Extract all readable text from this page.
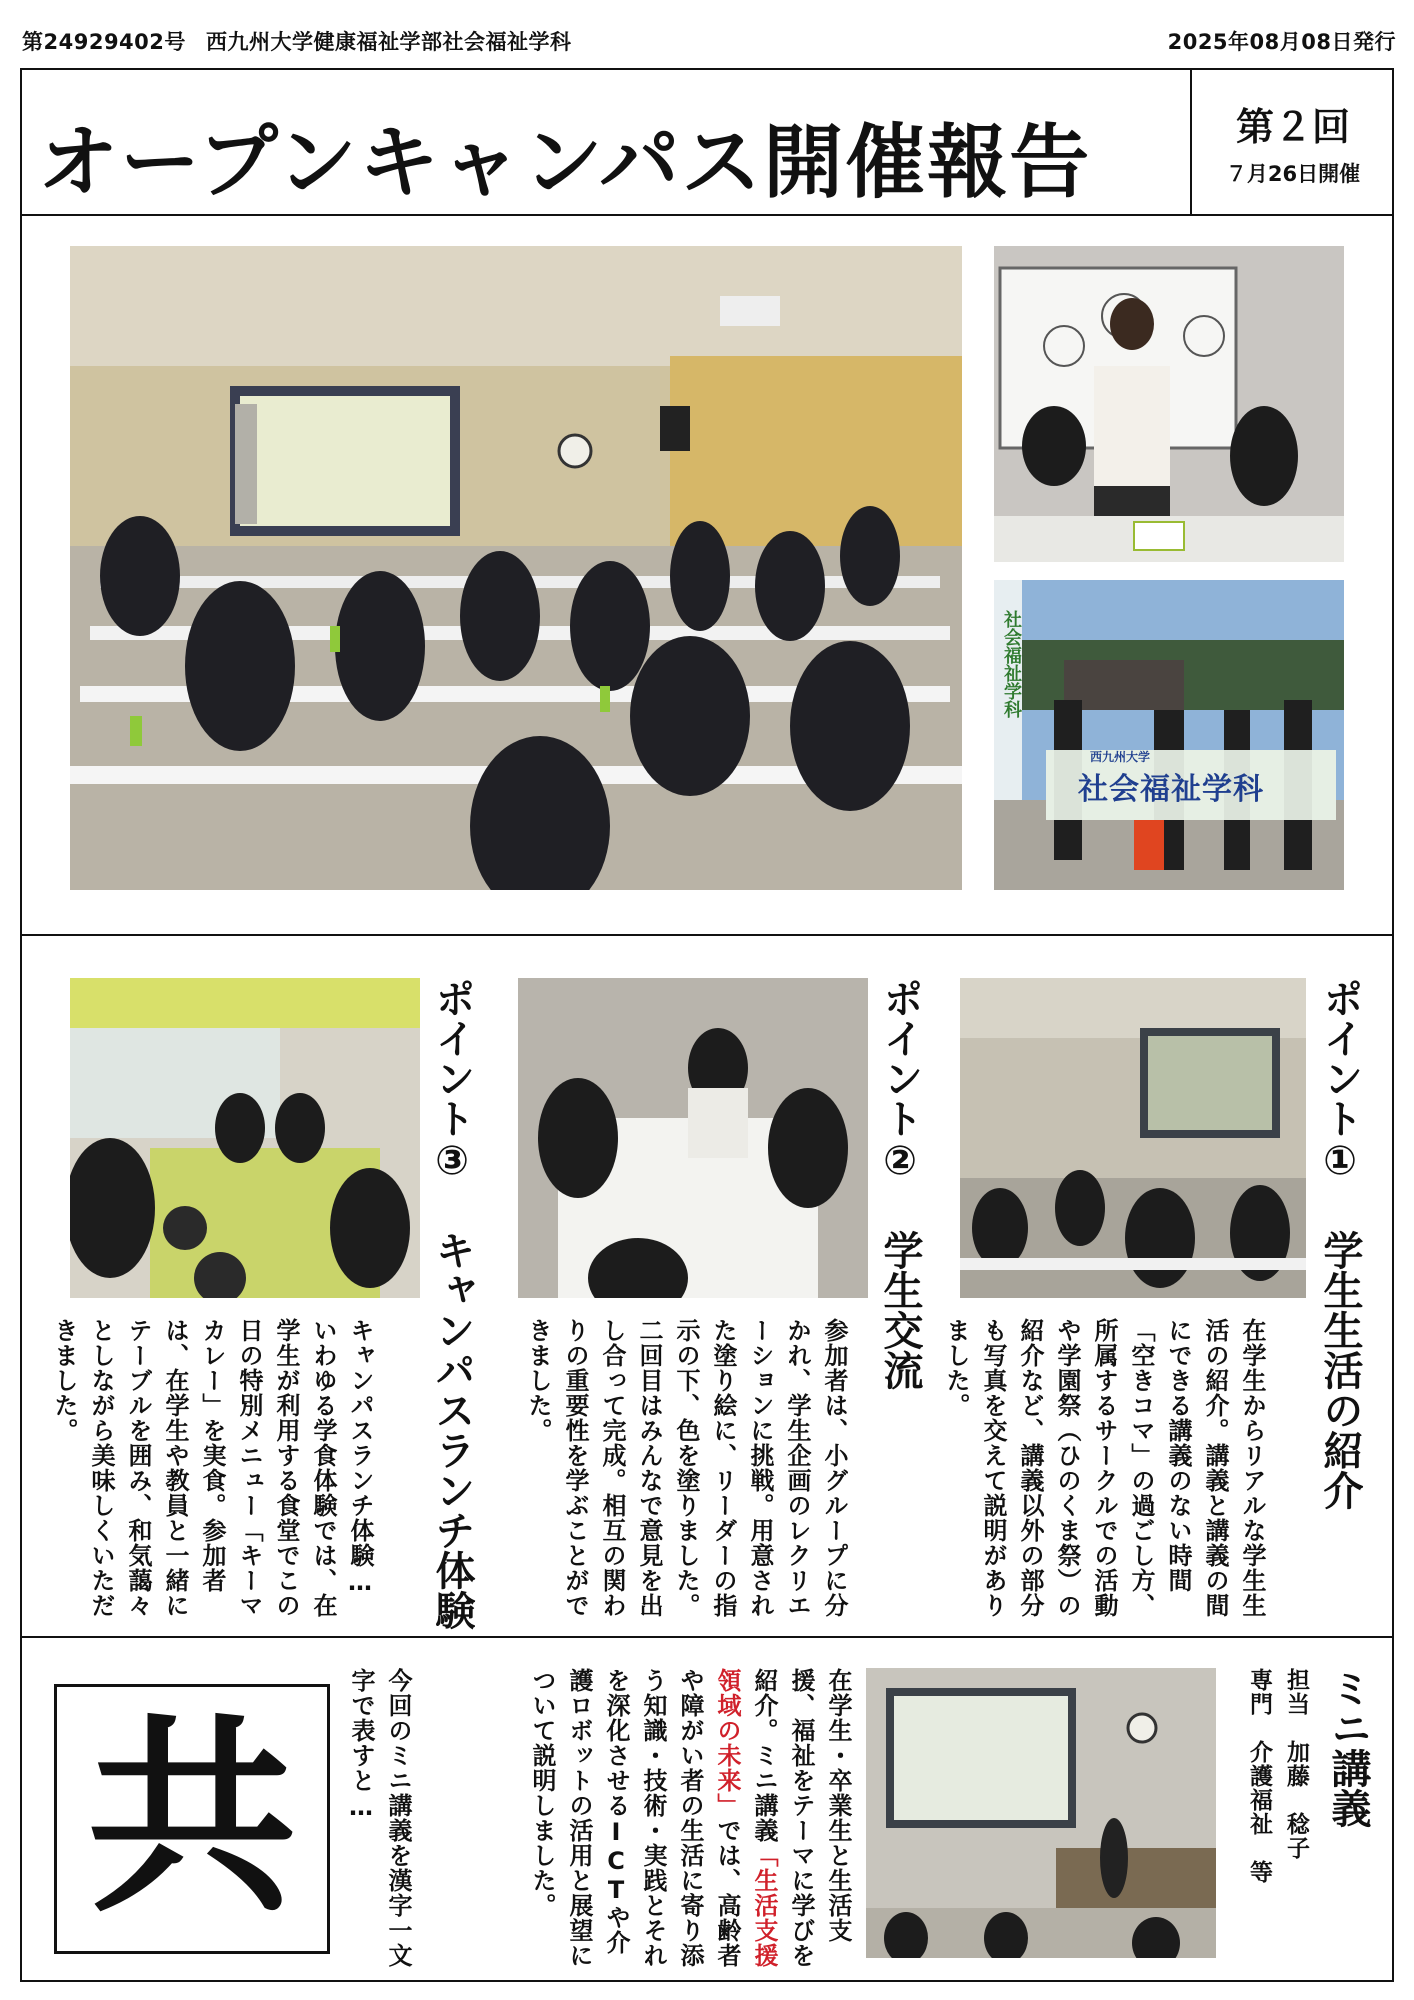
第24929402号 西九州大学健康福祉学部社会福祉学科	2025年08月08日発行
オープンキャンパス開催報告	第２回
７月26日開催
西九州大学
社会福祉学科
社会福祉学科
ポイント① 学生生活の紹介
在学生からリアルな学生生活の紹介。講義と講義の間にできる講義のない時間「空きコマ」の過ごし方、所属するサークルでの活動や学園祭（ひのくま祭）の紹介など、講義以外の部分も写真を交えて説明がありました。
ポイント② 学生交流
参加者は、小グループに分かれ、学生企画のレクリエーションに挑戦。用意された塗り絵に、リーダーの指示の下、色を塗りました。二回目はみんなで意見を出し合って完成。相互の関わりの重要性を学ぶことができました。
ポイント③ キャンパスランチ体験
キャンパスランチ体験…いわゆる学食体験では、在学生が利用する食堂でこの日の特別メニュー「キーマカレー」を実食。参加者は、在学生や教員と一緒にテーブルを囲み、和気藹々としながら美味しくいただきました。
ミニ講義
担当　加藤　稔子
専門　介護福祉　等
在学生・卒業生と生活支援、福祉をテーマに学びを紹介。ミニ講義「生活支援領域の未来」では、高齢者や障がい者の生活に寄り添う知識・技術・実践とそれを深化させるICTや介護ロボットの活用と展望について説明しました。
今回のミニ講義を漢字一文字で表すと…
共
